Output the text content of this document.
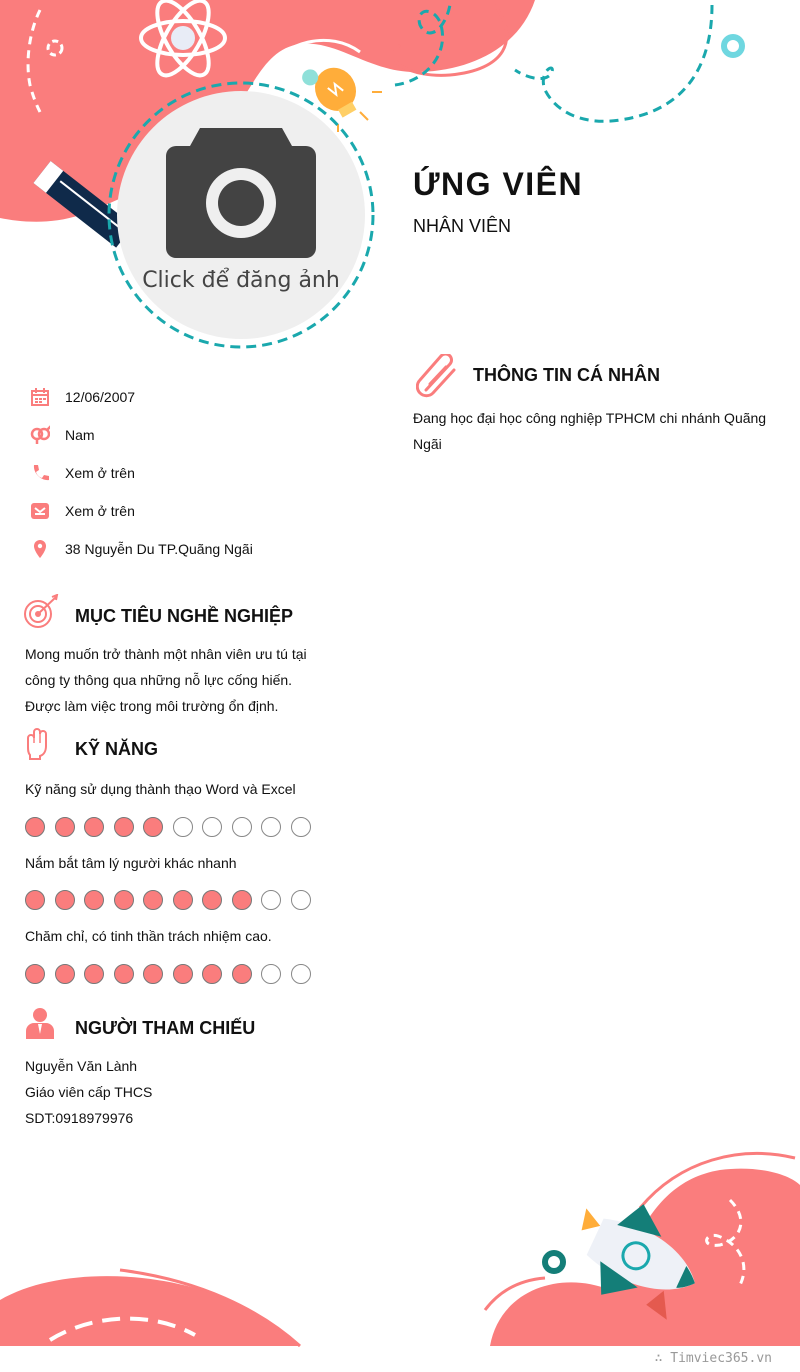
Click để đăng ảnh
ỨNG VIÊN
NHÂN VIÊN
12/06/2007
Nam
Xem ở trên
Xem ở trên
38 Nguyễn Du TP.Quãng Ngãi
THÔNG TIN CÁ NHÂN
Đang học đại học công nghiệp TPHCM chi nhánh Quãng Ngãi
MỤC TIÊU NGHỀ NGHIỆP
Mong muốn trở thành một nhân viên ưu tú tại
công ty thông qua những nỗ lực cống hiến.
Được làm việc trong môi trường ổn định.
KỸ NĂNG
Kỹ năng sử dụng thành thạo Word và Excel
Nắm bắt tâm lý người khác nhanh
Chăm chỉ, có tinh thần trách nhiệm cao.
NGƯỜI THAM CHIẾU
Nguyễn Văn Lành
Giáo viên cấp THCS
SDT:0918979976
∴ Timviec365.vn
